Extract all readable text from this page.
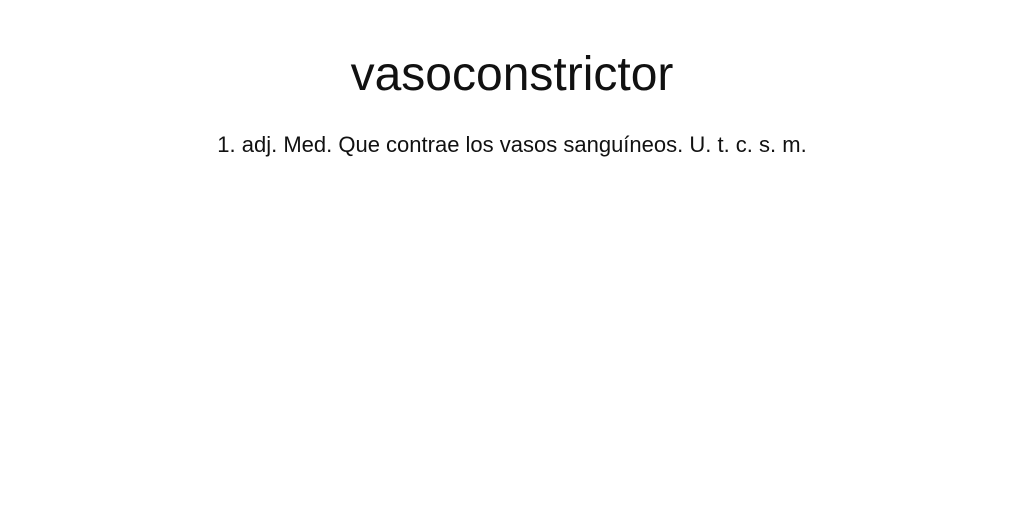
vasoconstrictor

1. adj. Med. Que contrae los vasos sanguíneos. U. t. c. s. m.
